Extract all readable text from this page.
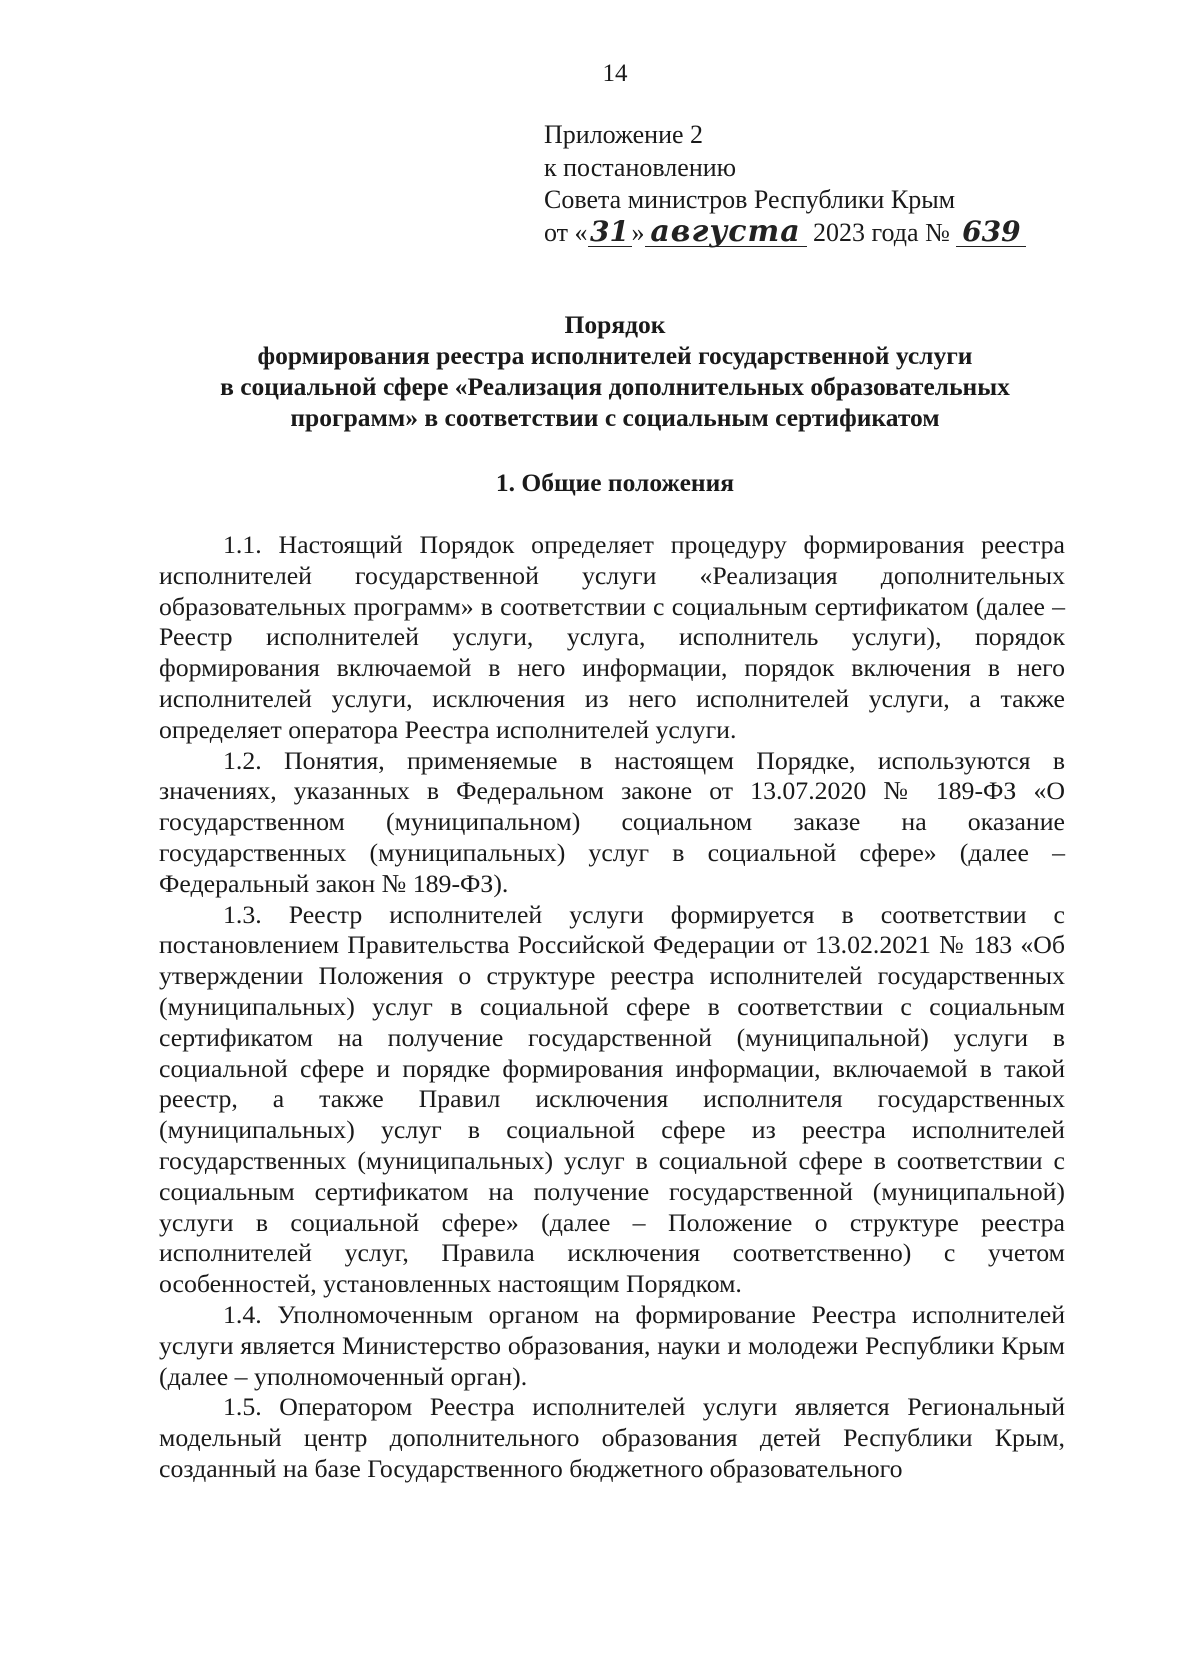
14
Приложение 2
к постановлению
Совета министров Республики Крым
от «31» августа 2023 года № 639
Порядок
формирования реестра исполнителей государственной услуги
в социальной сфере «Реализация дополнительных образовательных
программ» в соответствии с социальным сертификатом
1. Общие положения

1.1. Настоящий Порядок определяет процедуру формирования реестра исполнителей государственной услуги «Реализация дополнительных образовательных программ» в соответствии с социальным сертификатом (далее – Реестр исполнителей услуги, услуга, исполнитель услуги), порядок формирования включаемой в него информации, порядок включения в него исполнителей услуги, исключения из него исполнителей услуги, а также определяет оператора Реестра исполнителей услуги.

1.2. Понятия, применяемые в настоящем Порядке, используются в значениях, указанных в Федеральном законе от 13.07.2020 № 189-ФЗ «О государственном (муниципальном) социальном заказе на оказание государственных (муниципальных) услуг в социальной сфере» (далее – Федеральный закон № 189-ФЗ).

1.3. Реестр исполнителей услуги формируется в соответствии с постановлением Правительства Российской Федерации от 13.02.2021 № 183 «Об утверждении Положения о структуре реестра исполнителей государственных (муниципальных) услуг в социальной сфере в соответствии с социальным сертификатом на получение государственной (муниципальной) услуги в социальной сфере и порядке формирования информации, включаемой в такой реестр, а также Правил исключения исполнителя государственных (муниципальных) услуг в социальной сфере из реестра исполнителей государственных (муниципальных) услуг в социальной сфере в соответствии с социальным сертификатом на получение государственной (муниципальной) услуги в социальной сфере» (далее – Положение о структуре реестра исполнителей услуг, Правила исключения соответственно) с учетом особенностей, установленных настоящим Порядком.

1.4. Уполномоченным органом на формирование Реестра исполнителей услуги является Министерство образования, науки и молодежи Республики Крым (далее – уполномоченный орган).

1.5. Оператором Реестра исполнителей услуги является Региональный модельный центр дополнительного образования детей Республики Крым, созданный на базе Государственного бюджетного образовательного
